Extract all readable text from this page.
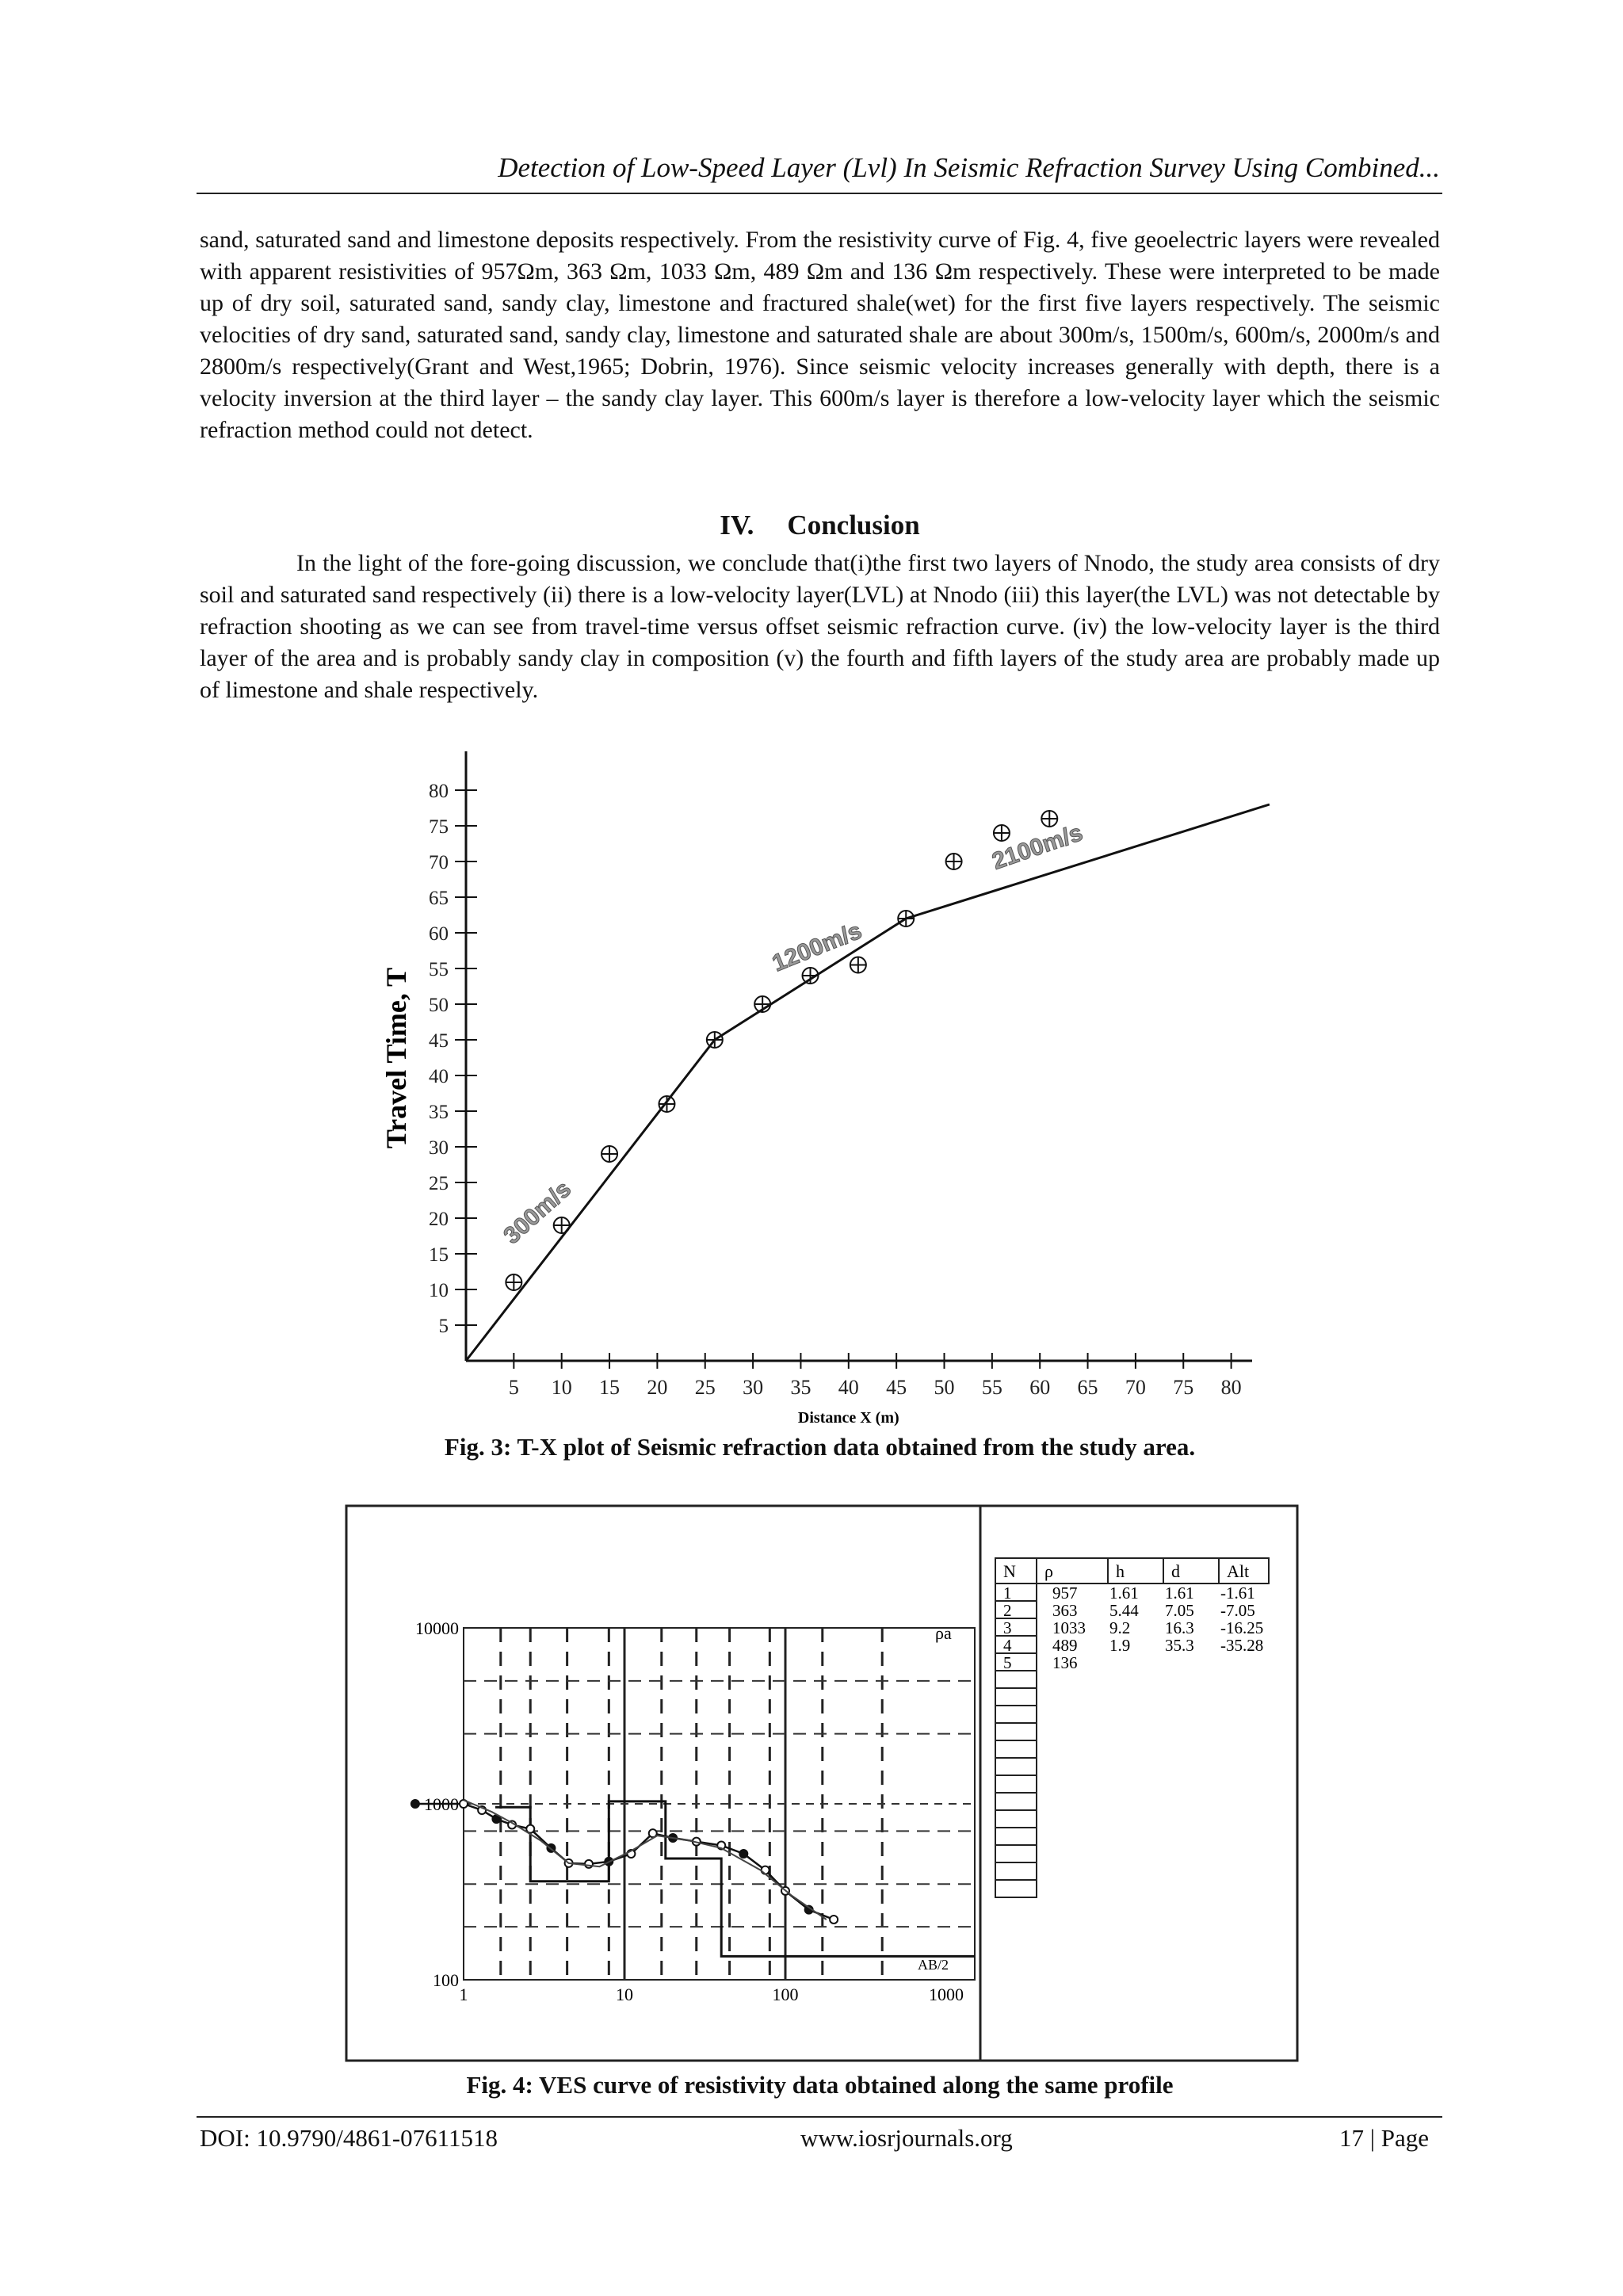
Detection of Low-Speed Layer (Lvl) In Seismic Refraction Survey Using Combined...

sand, saturated sand and limestone deposits respectively. From the resistivity curve of Fig. 4, five geoelectric layers were revealed with apparent resistivities of 957Ωm, 363 Ωm, 1033 Ωm, 489 Ωm and 136 Ωm respectively. These were interpreted to be made up of dry soil, saturated sand, sandy clay, limestone and fractured shale(wet) for the first five layers respectively. The seismic velocities of dry sand, saturated sand, sandy clay, limestone and saturated shale are about 300m/s, 1500m/s, 600m/s, 2000m/s and 2800m/s respectively(Grant and West,1965; Dobrin, 1976). Since seismic velocity increases generally with depth, there is a velocity inversion at the third layer – the sandy clay layer. This 600m/s layer is therefore a low-velocity layer which the seismic refraction method could not detect.

IV. Conclusion

In the light of the fore-going discussion, we conclude that(i)the first two layers of Nnodo, the study area consists of dry soil and saturated sand respectively (ii) there is a low-velocity layer(LVL) at Nnodo (iii) this layer(the LVL) was not detectable by refraction shooting as we can see from travel-time versus offset seismic refraction curve. (iv) the low-velocity layer is the third layer of the area and is probably sandy clay in composition (v) the fourth and fifth layers of the study area are probably made up of limestone and shale respectively.

5 10 15 20 25 30 35 40 45 50 55 60 65 70 75 80
5
10
15
20
25
30
35
40
45
50
55
60
65
70
75
80
Distance X (m)
Travel Time, T
300m/s
1200m/s
2100m/s
Fig. 3: T-X plot of Seismic refraction data obtained from the study area.
1	10	100	1000
10000
1000
100
ρa
AB/2
N ρ	h	d	Alt
1 957 1.61 1.61 -1.61
2 363 5.44 7.05 -7.05
3 1033 9.2 16.3 -16.25
4 489 1.9 35.3 -35.28
5 136
Fig. 4: VES curve of resistivity data obtained along the same profile
DOI: 10.9790/4861-07611518	www.iosrjournals.org	17 | Page
